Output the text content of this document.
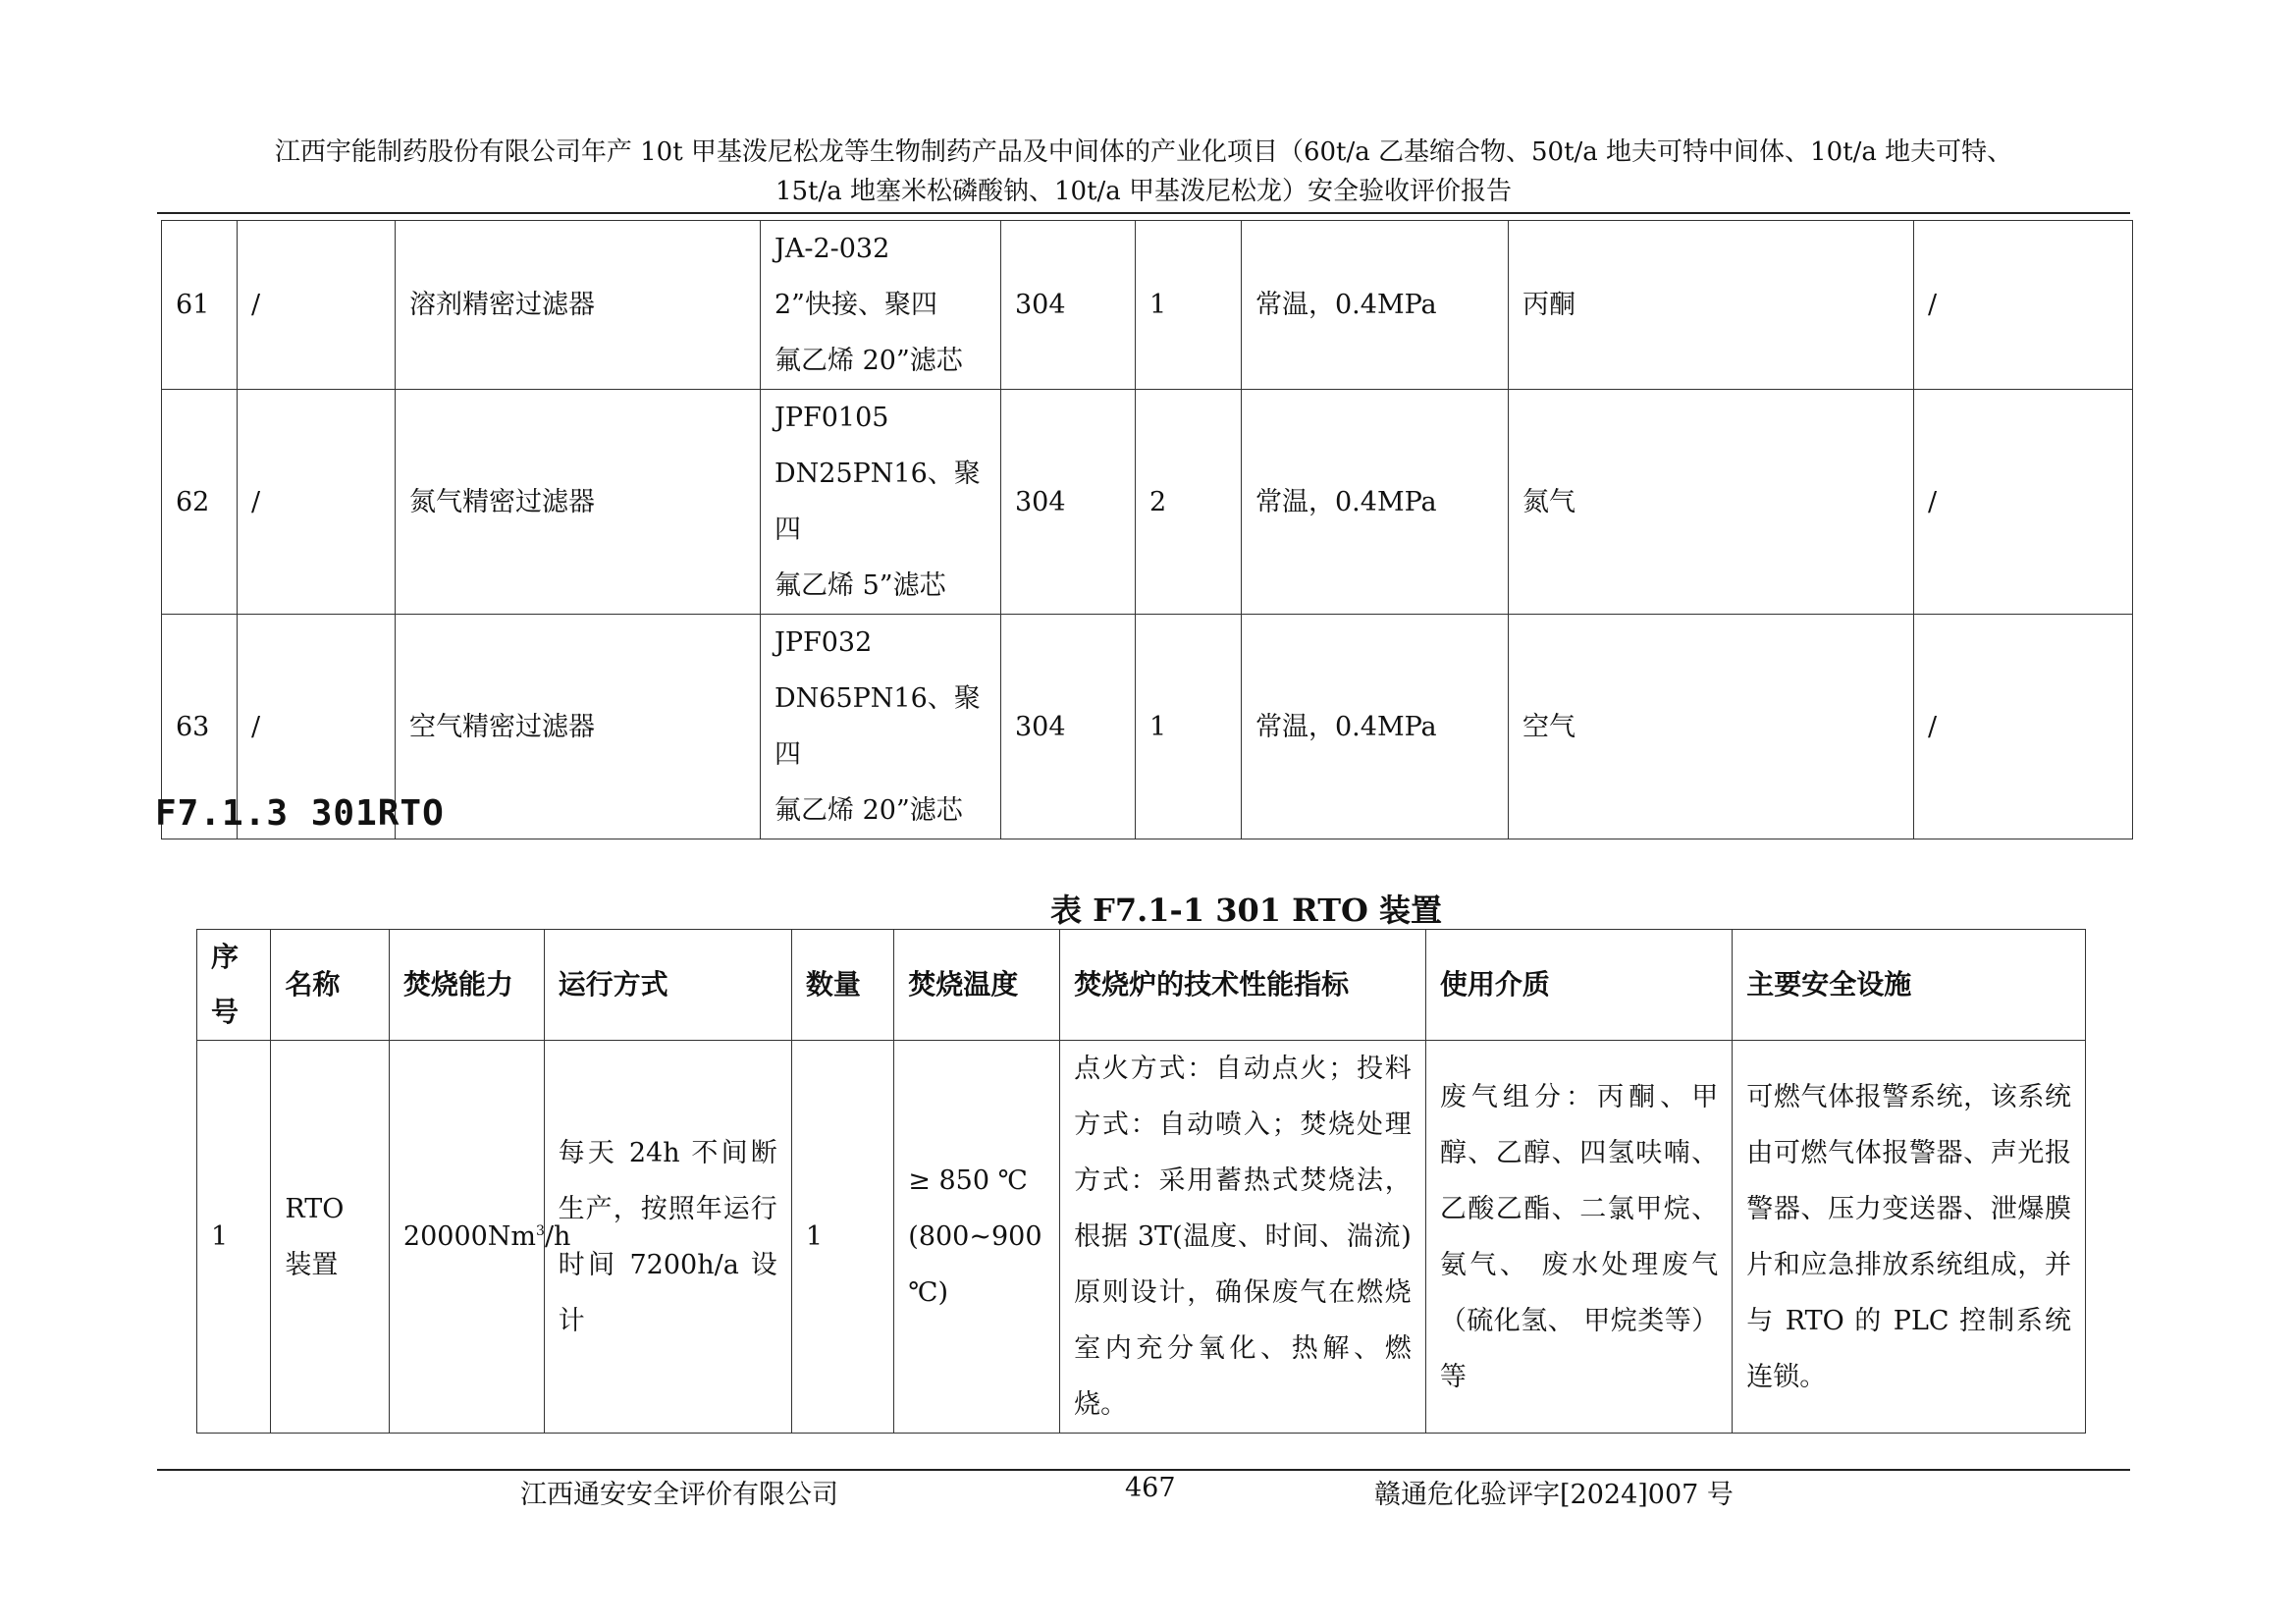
江西宇能制药股份有限公司年产 10t 甲基泼尼松龙等生物制药产品及中间体的产业化项目（60t/a 乙基缩合物、50t/a 地夫可特中间体、10t/a 地夫可特、
15t/a 地塞米松磷酸钠、10t/a 甲基泼尼松龙）安全验收评价报告
61	/	溶剂精密过滤器	JA-2-032
2”快接、聚四
氟乙烯 20”滤芯	304	1	常温，0.4MPa	丙酮	/
62	/	氮气精密过滤器	JPF0105
DN25PN16、聚四
氟乙烯 5”滤芯	304	2	常温，0.4MPa	氮气	/
63	/	空气精密过滤器	JPF032
DN65PN16、聚四
氟乙烯 20”滤芯	304	1	常温，0.4MPa	空气	/
F7.1.3 301RTO
表 F7.1-1 301 RTO 装置
序号	名称	焚烧能力	运行方式	数量	焚烧温度	焚烧炉的技术性能指标	使用介质	主要安全设施
1	RTO 装置	20000Nm$^3$/h	每天 24h 不间断生产，按照年运行时间 7200h/a 设计	1	≥ 850 ℃
(800~900 ℃)	点火方式：自动点火；投料方式：自动喷入；焚烧处理方式：采用蓄热式焚烧法，根据 3T(温度、时间、湍流)原则设计，确保废气在燃烧室内充分氧化、热解、燃烧。	废气组分：丙酮、甲醇、乙醇、四氢呋喃、乙酸乙酯、二氯甲烷、氨气、 废水处理废气（硫化氢、 甲烷类等）等	可燃气体报警系统，该系统由可燃气体报警器、声光报警器、压力变送器、泄爆膜片和应急排放系统组成，并与 RTO 的 PLC 控制系统连锁。
江西通安安全评价有限公司	467	赣通危化验评字[2024]007 号
